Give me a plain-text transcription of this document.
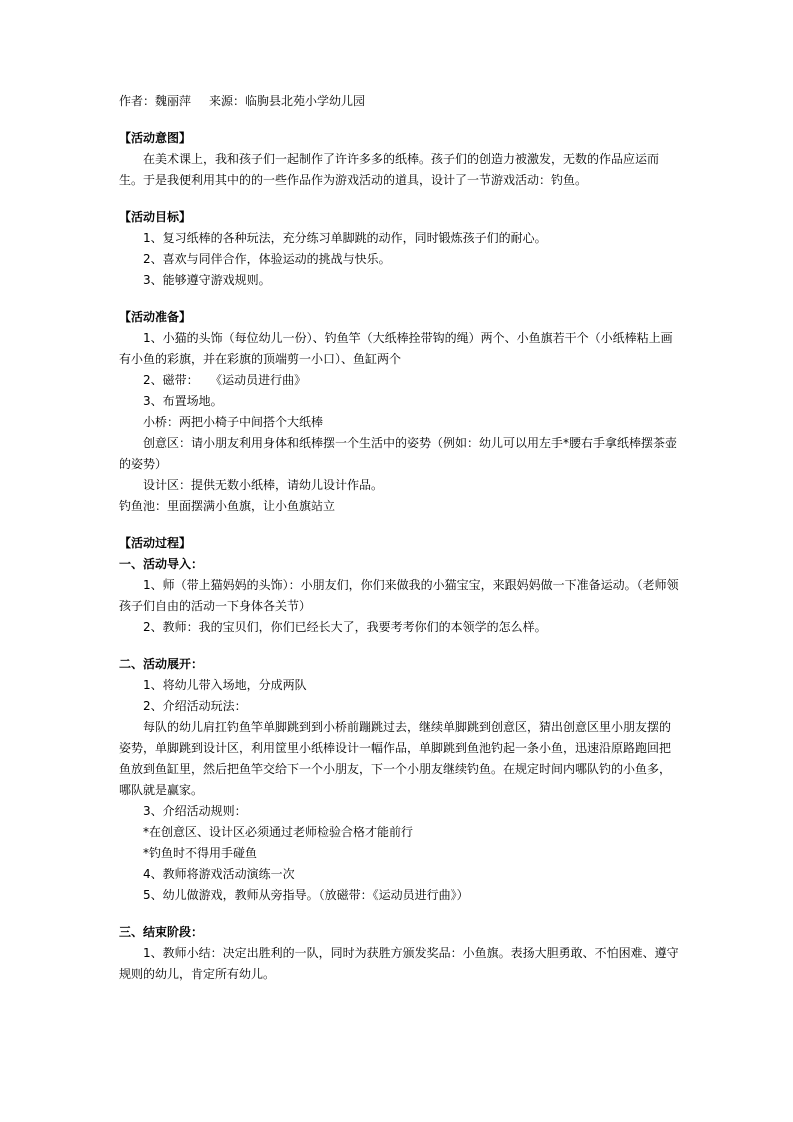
作者：魏丽萍 来源：临朐县北苑小学幼儿园

【活动意图】

在美术课上，我和孩子们一起制作了许许多多的纸棒。孩子们的创造力被激发，无数的作品应运而生。于是我便利用其中的的一些作品作为游戏活动的道具，设计了一节游戏活动：钓鱼。

【活动目标】

1、复习纸棒的各种玩法，充分练习单脚跳的动作，同时锻炼孩子们的耐心。

2、喜欢与同伴合作，体验运动的挑战与快乐。

3、能够遵守游戏规则。

【活动准备】

1、小猫的头饰（每位幼儿一份）、钓鱼竿（大纸棒拴带钩的绳）两个、小鱼旗若干个（小纸棒粘上画有小鱼的彩旗，并在彩旗的顶端剪一小口）、鱼缸两个

2、磁带：   《运动员进行曲》

3、布置场地。

小桥：两把小椅子中间搭个大纸棒

创意区：请小朋友利用身体和纸棒摆一个生活中的姿势（例如：幼儿可以用左手*腰右手拿纸棒摆茶壶的姿势）

设计区：提供无数小纸棒，请幼儿设计作品。

钓鱼池：里面摆满小鱼旗，让小鱼旗站立

【活动过程】

一、活动导入：

1、师（带上猫妈妈的头饰）：小朋友们，你们来做我的小猫宝宝，来跟妈妈做一下准备运动。（老师领孩子们自由的活动一下身体各关节）

2、教师：我的宝贝们，你们已经长大了，我要考考你们的本领学的怎么样。

二、活动展开：

1、将幼儿带入场地，分成两队

2、介绍活动玩法：

每队的幼儿肩扛钓鱼竿单脚跳到到小桥前蹦跳过去，继续单脚跳到创意区，猜出创意区里小朋友摆的姿势，单脚跳到设计区，利用筐里小纸棒设计一幅作品，单脚跳到鱼池钓起一条小鱼，迅速沿原路跑回把鱼放到鱼缸里，然后把鱼竿交给下一个小朋友，下一个小朋友继续钓鱼。在规定时间内哪队钓的小鱼多，哪队就是赢家。

3、介绍活动规则：

*在创意区、设计区必须通过老师检验合格才能前行

*钓鱼时不得用手碰鱼

4、教师将游戏活动演练一次

5、幼儿做游戏，教师从旁指导。（放磁带：《运动员进行曲》）

三、结束阶段：

1、教师小结：决定出胜利的一队，同时为获胜方颁发奖品：小鱼旗。表扬大胆勇敢、不怕困难、遵守规则的幼儿，肯定所有幼儿。
